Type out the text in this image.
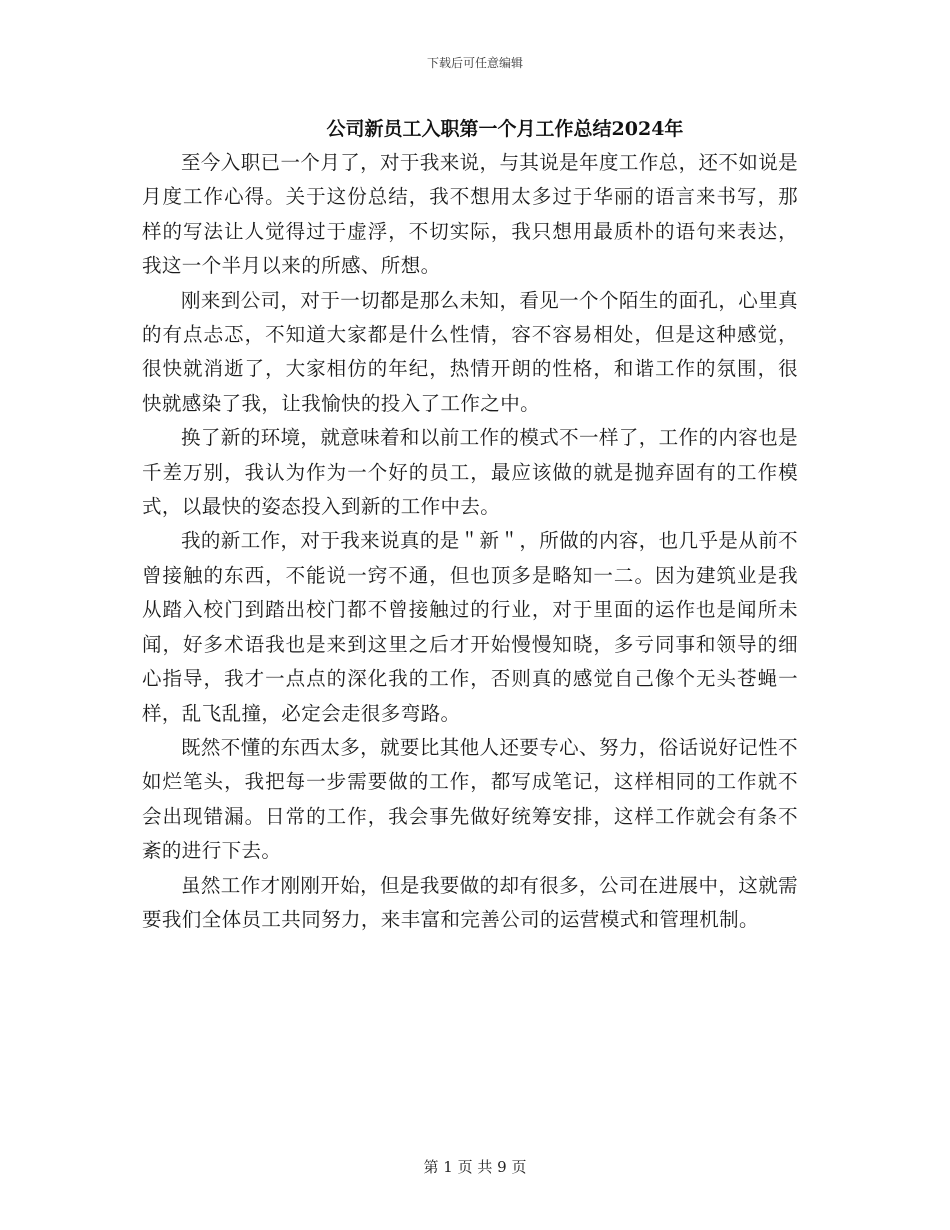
下载后可任意编辑
公司新员工入职第一个月工作总结2024年

至今入职已一个月了，对于我来说，与其说是年度工作总，还不如说是月度工作心得。关于这份总结，我不想用太多过于华丽的语言来书写，那样的写法让人觉得过于虚浮，不切实际，我只想用最质朴的语句来表达，我这一个半月以来的所感、所想。

刚来到公司，对于一切都是那么未知，看见一个个陌生的面孔，心里真的有点忐忑，不知道大家都是什么性情，容不容易相处，但是这种感觉，很快就消逝了，大家相仿的年纪，热情开朗的性格，和谐工作的氛围，很快就感染了我，让我愉快的投入了工作之中。

换了新的环境，就意味着和以前工作的模式不一样了，工作的内容也是千差万别，我认为作为一个好的员工，最应该做的就是抛弃固有的工作模式，以最快的姿态投入到新的工作中去。

我的新工作，对于我来说真的是＂新＂，所做的内容，也几乎是从前不曾接触的东西，不能说一窍不通，但也顶多是略知一二。因为建筑业是我从踏入校门到踏出校门都不曾接触过的行业，对于里面的运作也是闻所未闻，好多术语我也是来到这里之后才开始慢慢知晓，多亏同事和领导的细心指导，我才一点点的深化我的工作，否则真的感觉自己像个无头苍蝇一样，乱飞乱撞，必定会走很多弯路。

既然不懂的东西太多，就要比其他人还要专心、努力，俗话说好记性不如烂笔头，我把每一步需要做的工作，都写成笔记，这样相同的工作就不会出现错漏。日常的工作，我会事先做好统筹安排，这样工作就会有条不紊的进行下去。

虽然工作才刚刚开始，但是我要做的却有很多，公司在进展中，这就需要我们全体员工共同努力，来丰富和完善公司的运营模式和管理机制。

第 1 页 共 9 页
